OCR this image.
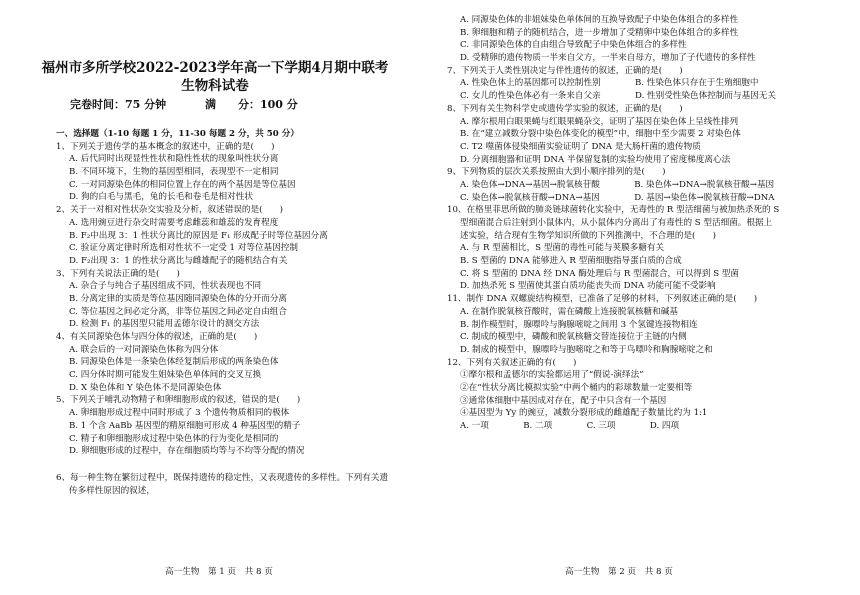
福州市多所学校2022-2023学年高一下学期4月期中联考
生物科试卷
完卷时间：75 分钟	满　　分：100 分
一、选择题（1-10 每题 1 分，11-30 每题 2 分，共 50 分）
1、下列关于遗传学的基本概念的叙述中，正确的是(　　)
A. 后代同时出现显性性状和隐性性状的现象叫性状分离
B. 不同环境下，生物的基因型相同，表现型不一定相同
C. 一对同源染色体的相同位置上存在的两个基因是等位基因
D. 狗的白毛与黑毛，兔的长毛和卷毛是相对性状
2、关于一对相对性状杂交实验及分析，叙述错误的是(　　)
A. 选用豌豆进行杂交时需要考虑雌蕊和雄蕊的发育程度
B. F₂中出现 3：1 性状分离比的原因是 F₁ 形成配子时等位基因分离
C. 验证分离定律时所选相对性状不一定受 1 对等位基因控制
D. F₂出现 3：1 的性状分离比与雌雄配子的随机结合有关
3、下列有关说法正确的是(　　)
A. 杂合子与纯合子基因组成不同，性状表现也不同
B. 分离定律的实质是等位基因随同源染色体的分开而分离
C. 等位基因之间必定分离，非等位基因之间必定自由组合
D. 检测 F₁ 的基因型只能用孟德尔设计的测交方法
4、有关同源染色体与四分体的叙述，正确的是(　　)
A. 联会后的一对同源染色体称为四分体
B. 同源染色体是一条染色体经复制后形成的两条染色体
C. 四分体时期可能发生姐妹染色单体间的交叉互换
D. X 染色体和 Y 染色体不是同源染色体
5、下列关于哺乳动物精子和卵细胞形成的叙述，错误的是(　　)
A. 卵细胞形成过程中同时形成了 3 个遗传物质相同的极体
B. 1 个含 AaBb 基因型的精原细胞可形成 4 种基因型的精子
C. 精子和卵细胞形成过程中染色体的行为变化是相同的
D. 卵细胞形成的过程中，存在细胞质均等与不均等分配的情况
6、每一种生物在繁衍过程中，既保持遗传的稳定性，又表现遗传的多样性。下列有关遗
传多样性原因的叙述，
高一生物　第 1 页　共 8 页	高一生物　第 2 页　共 8 页
A. 同源染色体的非姐妹染色单体间的互换导致配子中染色体组合的多样性
B. 卵细胞和精子的随机结合，进一步增加了受精卵中染色体组合的多样性
C. 非同源染色体的自由组合导致配子中染色体组合的多样性
D. 受精卵的遗传物质一半来自父方，一半来自母方，增加了子代遗传的多样性
7、下列关于人类性别决定与伴性遗传的叙述，正确的是(　　)
A. 性染色体上的基因都可以控制性别　　　　B. 性染色体只存在于生殖细胞中
C. 女儿的性染色体必有一条来自父亲　　　　D. 性别受性染色体控制而与基因无关
8、下列有关生物科学史或遗传学实验的叙述，正确的是(　　)
A. 摩尔根用白眼果蝇与红眼果蝇杂交，证明了基因在染色体上呈线性排列
B. 在“建立减数分裂中染色体变化的模型”中，细胞中至少需要 2 对染色体
C. T2 噬菌体侵染细菌实验证明了 DNA 是大肠杆菌的遗传物质
D. 分离细胞器和证明 DNA 半保留复制的实验均使用了密度梯度离心法
9、下列物质的层次关系按照由大到小顺序排列的是(　　)
A. 染色体→DNA→基因→脱氧核苷酸　　　　B. 染色体→DNA→脱氧核苷酸→基因
C. 染色体→脱氧核苷酸→DNA→基因　　　　D. 基因→染色体→脱氧核苷酸→DNA
10、在格里菲思所做的肺炎链球菌转化实验中，无毒性的 R 型活细菌与被加热杀死的 S
型细菌混合后注射到小鼠体内，从小鼠体内分离出了有毒性的 S 型活细菌。根据上
述实验，结合现有生物学知识所做的下列推测中，不合理的是(　　)
A. 与 R 型菌相比，S 型菌的毒性可能与荚膜多糖有关
B. S 型菌的 DNA 能够进入 R 型菌细胞指导蛋白质的合成
C. 将 S 型菌的 DNA 经 DNA 酶处理后与 R 型菌混合，可以得到 S 型菌
D. 加热杀死 S 型菌使其蛋白质功能丧失而 DNA 功能可能不受影响
11、制作 DNA 双螺旋结构模型，已准备了足够的材料，下列叙述正确的是(　　)
A. 在制作脱氧核苷酸时，需在磷酸上连接脱氧核糖和碱基
B. 制作模型时，腺嘌呤与胸腺嘧啶之间用 3 个氢键连接物相连
C. 制成的模型中，磷酸和脱氧核糖交替连接位于主链的内侧
D. 制成的模型中，腺嘌呤与胞嘧啶之和等于鸟嘌呤和胸腺嘧啶之和
12、下列有关叙述正确的有(　　)
①摩尔根和孟德尔的实验都运用了“假说-演绎法”
②在“性状分离比模拟实验”中两个桶内的彩球数量一定要相等
③通常体细胞中基因成对存在，配子中只含有一个基因
④基因型为 Yy 的豌豆，减数分裂形成的雌雄配子数量比约为 1:1
A. 一项　　　　B. 二项　　　　C. 三项　　　　D. 四项
